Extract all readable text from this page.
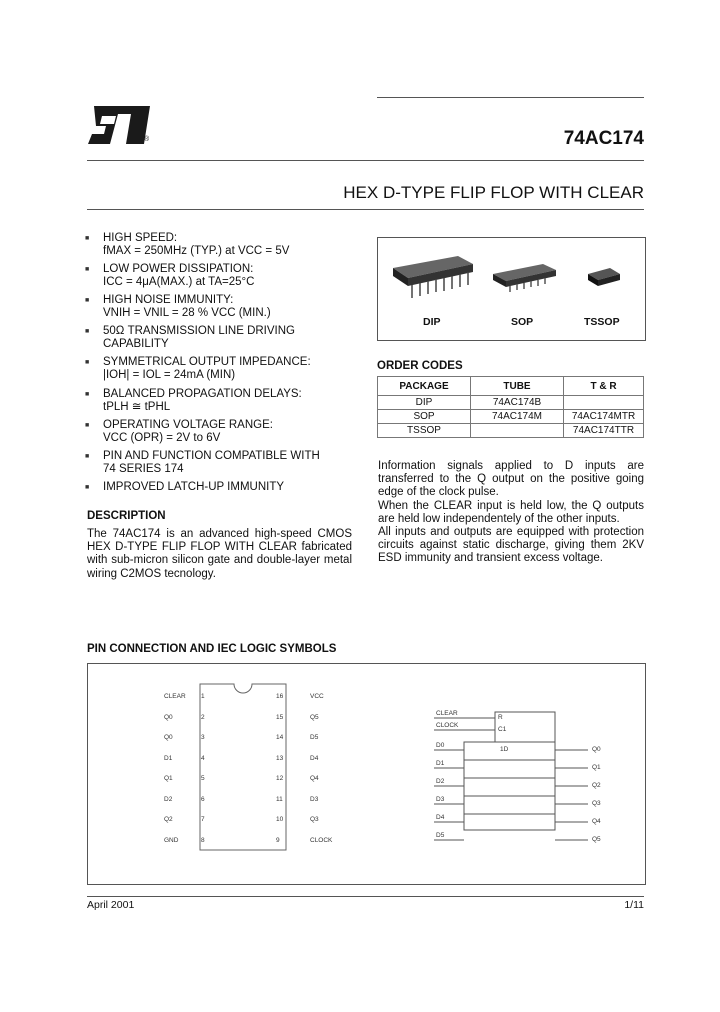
®	74AC174
HEX D-TYPE FLIP FLOP WITH CLEAR
■ HIGH SPEED:
fMAX = 250MHz (TYP.) at VCC = 5V
■ LOW POWER DISSIPATION:
ICC = 4μA(MAX.) at TA=25°C
■ HIGH NOISE IMMUNITY:
VNIH = VNIL = 28 % VCC (MIN.)
■ 50Ω TRANSMISSION LINE DRIVING
CAPABILITY
■ SYMMETRICAL OUTPUT IMPEDANCE:
|IOH| = IOL = 24mA (MIN)
■ BALANCED PROPAGATION DELAYS:
tPLH ≅ tPHL
■ OPERATING VOLTAGE RANGE:
VCC (OPR) = 2V to 6V
■ PIN AND FUNCTION COMPATIBLE WITH
74 SERIES 174
■ IMPROVED LATCH-UP IMMUNITY
DESCRIPTION
The 74AC174 is an advanced high-speed CMOS HEX D-TYPE FLIP FLOP WITH CLEAR fabricated with sub-micron silicon gate and double-layer metal wiring C2MOS tecnology.
DIP	SOP	TSSOP
ORDER CODES
PACKAGE	TUBE	T & R
DIP	74AC174B	
SOP	74AC174M	74AC174MTR
TSSOP		74AC174TTR
Information signals applied to D inputs are transferred to the Q output on the positive going edge of the clock pulse.
When the CLEAR input is held low, the Q outputs are held low independentely of the other inputs.
All inputs and outputs are equipped with protection circuits against static discharge, giving them 2KV ESD immunity and transient excess voltage.
PIN CONNECTION AND IEC LOGIC SYMBOLS
CLEAR 1
Q0	2
Q0	3
D1	4
Q1	5
D2	6
Q2	7
GND	8
VCC
16
Q5
15
D5
14
D4
13
Q4
12
D3
11
Q3
10
CLOCK
9
CLEAR
CLOCK
D0
D1
D2
D3
D4
D5
Q0
Q1
Q2
Q3
Q4
Q5
R
C1
1D
April 2001	1/11
